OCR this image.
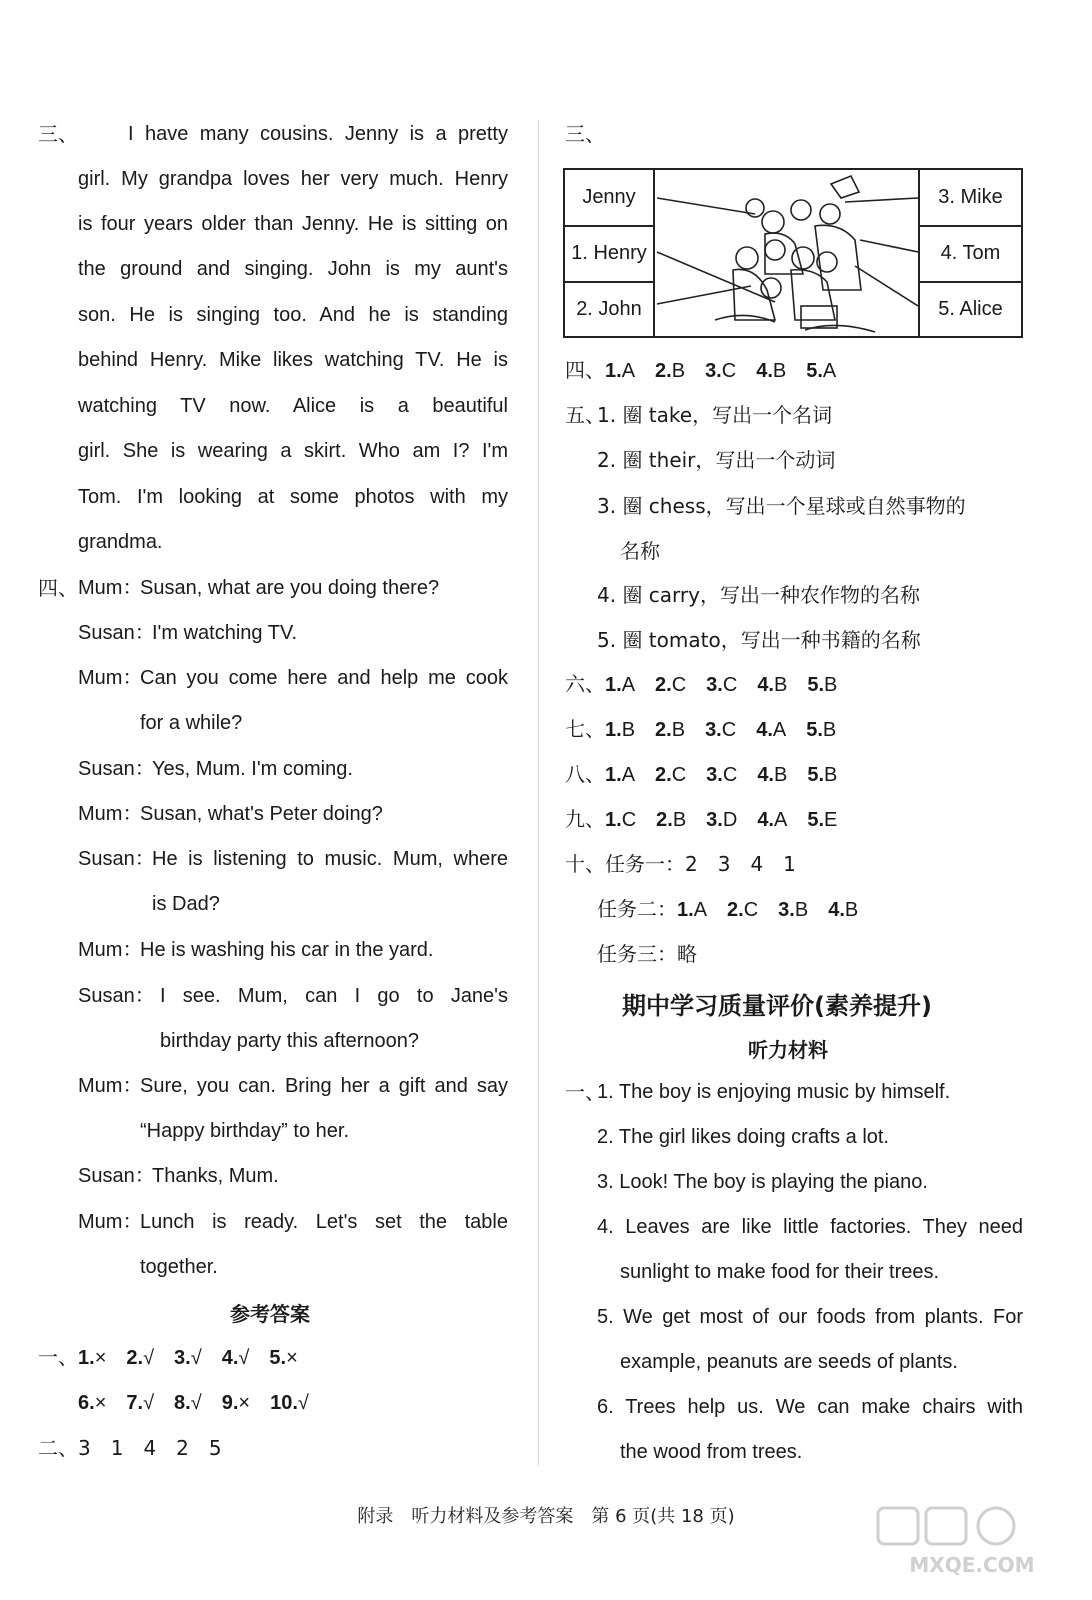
三、	I have many cousins. Jenny is a pretty
girl. My grandpa loves her very much. Henry
is four years older than Jenny. He is sitting on
the ground and singing. John is my aunt's
son. He is singing too. And he is standing
behind Henry. Mike likes watching TV. He is
watching TV now. Alice is a beautiful
girl. She is wearing a skirt. Who am I? I'm
Tom. I'm looking at some photos with my
grandma.
四、 Mum：
Susan, what are you doing there?
Susan：
I'm watching TV.
Mum：
Can you come here and help me cook
for a while?
Susan：
Yes, Mum. I'm coming.
Mum：
Susan, what's Peter doing?
Susan：
He is listening to music. Mum, where
is Dad?
Mum：
He is washing his car in the yard.
Susan： I see. Mum, can I go to Jane's
birthday party this afternoon?
Mum：
Sure, you can. Bring her a gift and say
“Happy birthday” to her.
Susan：
Thanks, Mum.
Mum：
Lunch is ready. Let's set the table
together.
参考答案
一、1.× 2.√ 3.√ 4.√ 5.×
6.× 7.√ 8.√ 9.× 10.√
二、3　1　4　2　5
三、
Jenny
1. Henry
2. John
3. Mike
4. Tom
5. Alice
四、1.A 2.B 3.C 4.B 5.A
五、
1. 圈 take，写出一个名词
2. 圈 their，写出一个动词
3. 圈 chess，写出一个星球或自然事物的
名称
4. 圈 carry，写出一种农作物的名称
5. 圈 tomato，写出一种书籍的名称
六、1.A 2.C 3.C 4.B 5.B
七、1.B 2.B 3.C 4.A 5.B
八、1.A 2.C 3.C 4.B 5.B
九、1.C 2.B 3.D 4.A 5.E
十、任务一：2　3　4　1
任务二：1.A 2.C 3.B 4.B
任务三：略
期中学习质量评价(素养提升)
听力材料
一、
1. The boy is enjoying music by himself.
2. The girl likes doing crafts a lot.
3. Look! The boy is playing the piano.
4. Leaves are like little factories. They need
sunlight to make food for their trees.
5. We get most of our foods from plants. For
example, peanuts are seeds of plants.
6. Trees help us. We can make chairs with
the wood from trees.
附录　听力材料及参考答案　第 6 页(共 18 页)
MXQE.COM
